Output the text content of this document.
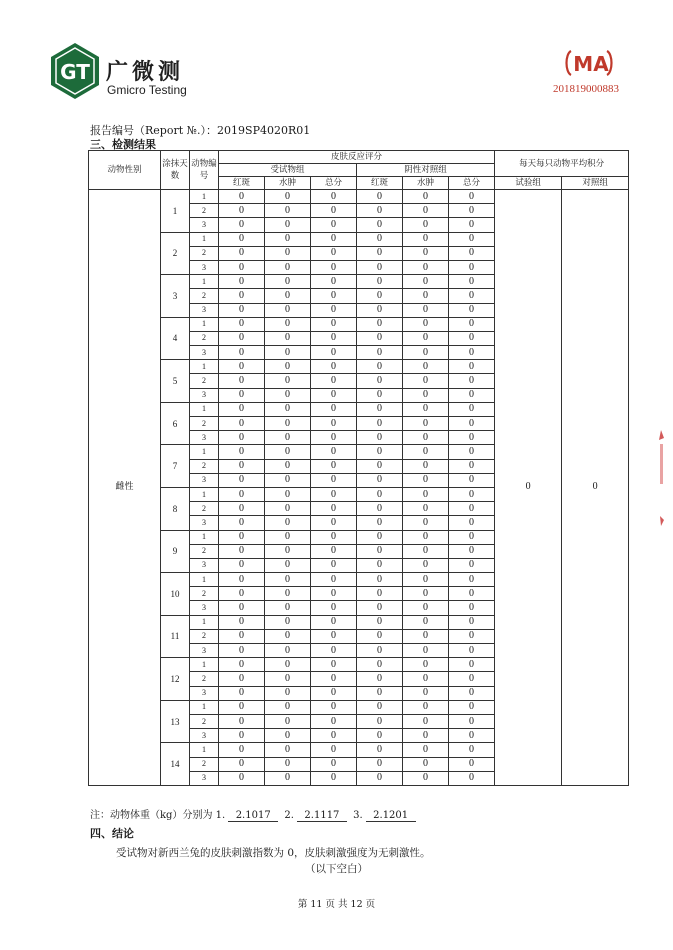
GT 广微测
Gmicro Testing
MA
201819000883
报告编号（Report №.）：2019SP4020R01
三、检测结果
动物性别	涂抹天数	动物编号	皮肤反应评分						每天每只动物平均积分	
			受试物组			阴性对照组				
			红斑	水肿	总分	红斑	水肿	总分	试验组	对照组
雌性	1	1	0	0	0	0	0	0	0	0
		2	0	0	0	0	0	0		
		3	0	0	0	0	0	0		
	2	1	0	0	0	0	0	0		
		2	0	0	0	0	0	0		
		3	0	0	0	0	0	0		
	3	1	0	0	0	0	0	0		
		2	0	0	0	0	0	0		
		3	0	0	0	0	0	0		
	4	1	0	0	0	0	0	0		
		2	0	0	0	0	0	0		
		3	0	0	0	0	0	0		
	5	1	0	0	0	0	0	0		
		2	0	0	0	0	0	0		
		3	0	0	0	0	0	0		
	6	1	0	0	0	0	0	0		
		2	0	0	0	0	0	0		
		3	0	0	0	0	0	0		
	7	1	0	0	0	0	0	0		
		2	0	0	0	0	0	0		
		3	0	0	0	0	0	0		
	8	1	0	0	0	0	0	0		
		2	0	0	0	0	0	0		
		3	0	0	0	0	0	0		
	9	1	0	0	0	0	0	0		
		2	0	0	0	0	0	0		
		3	0	0	0	0	0	0		
	10	1	0	0	0	0	0	0		
		2	0	0	0	0	0	0		
		3	0	0	0	0	0	0		
	11	1	0	0	0	0	0	0		
		2	0	0	0	0	0	0		
		3	0	0	0	0	0	0		
	12	1	0	0	0	0	0	0		
		2	0	0	0	0	0	0		
		3	0	0	0	0	0	0		
	13	1	0	0	0	0	0	0		
		2	0	0	0	0	0	0		
		3	0	0	0	0	0	0		
	14	1	0	0	0	0	0	0		
		2	0	0	0	0	0	0		
		3	0	0	0	0	0	0		
注：动物体重（kg）分别为 1. 2.1017 2. 2.1117 3. 2.1201
四、结论
受试物对新西兰兔的皮肤刺激指数为 0，皮肤刺激强度为无刺激性。
（以下空白）
第 11 页 共 12 页
